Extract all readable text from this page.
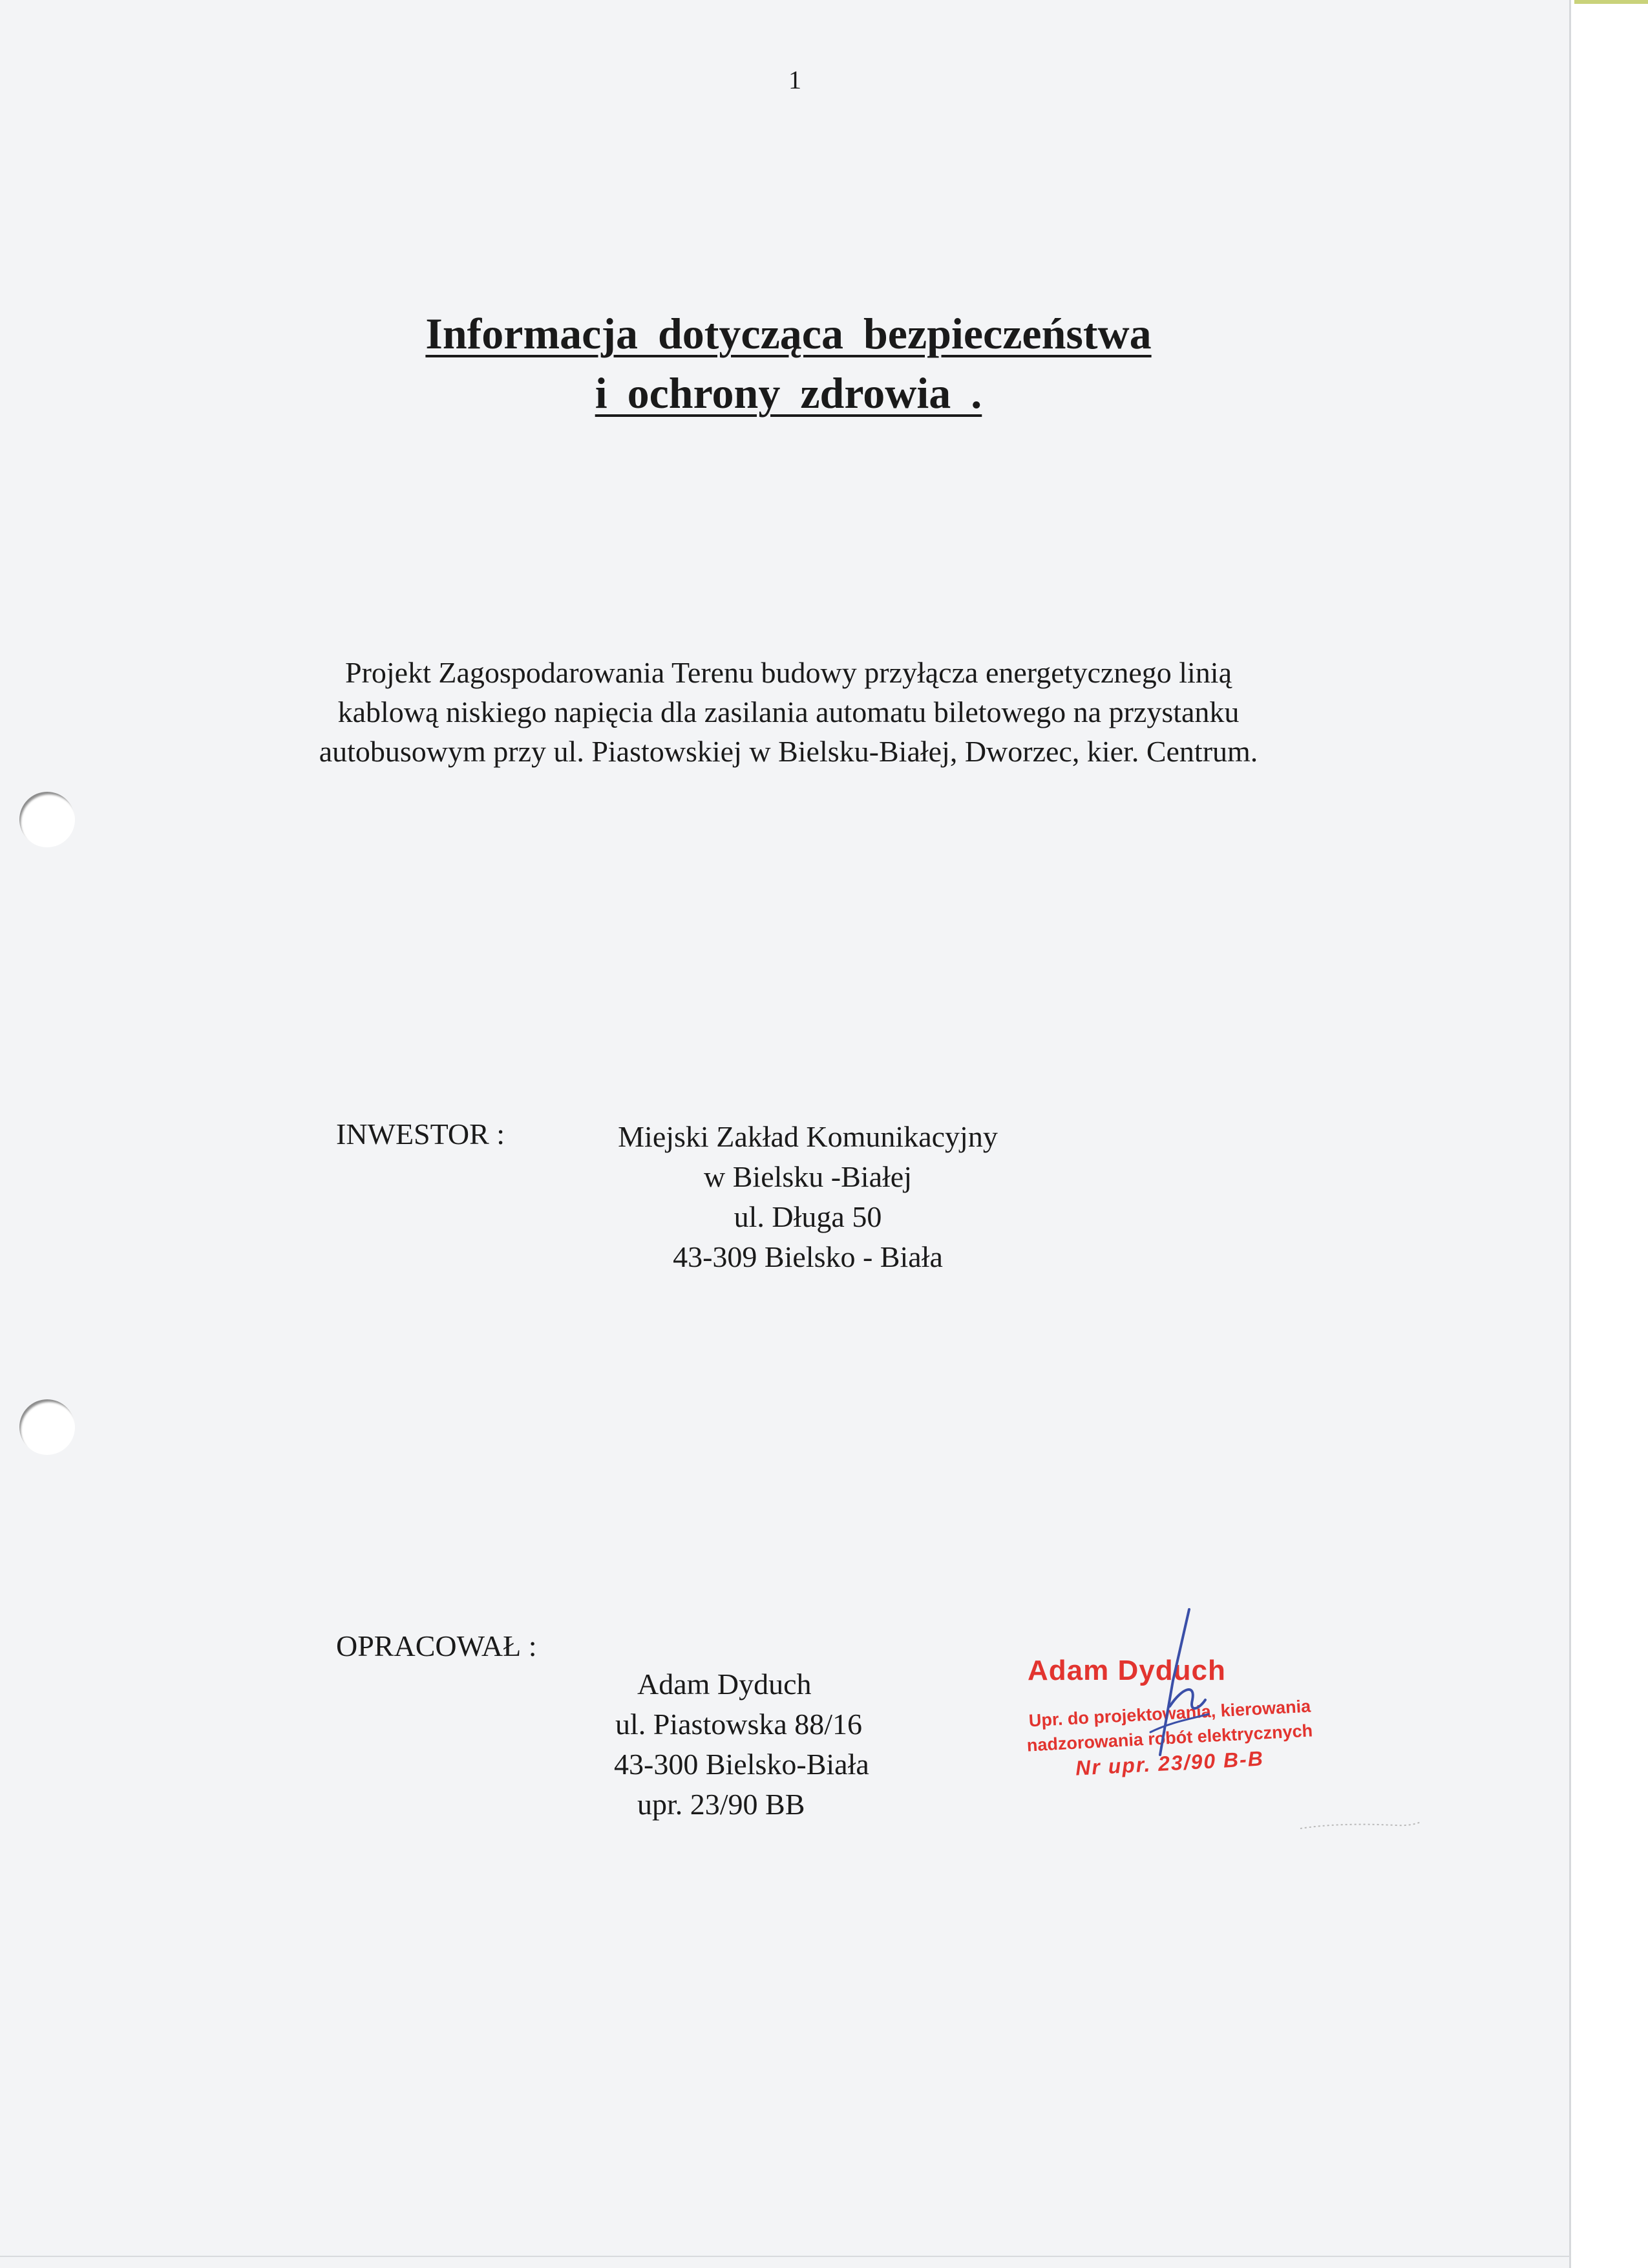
1
Informacja dotycząca bezpieczeństwa
i ochrony zdrowia .
Projekt Zagospodarowania Terenu budowy przyłącza energetycznego linią
kablową niskiego napięcia dla zasilania automatu biletowego na przystanku
autobusowym przy ul. Piastowskiej w Bielsku-Białej, Dworzec, kier. Centrum.
INWESTOR :	Miejski Zakład Komunikacyjny
w Bielsku -Białej
ul. Długa 50
43-309 Bielsko - Biała
OPRACOWAŁ :
Adam Dyduch
ul. Piastowska 88/16
43-300 Bielsko-Biała
upr. 23/90 BB
Adam Dyduch
Upr. do projektowania, kierowania
nadzorowania robót elektrycznych
Nr upr. 23/90 B-B
